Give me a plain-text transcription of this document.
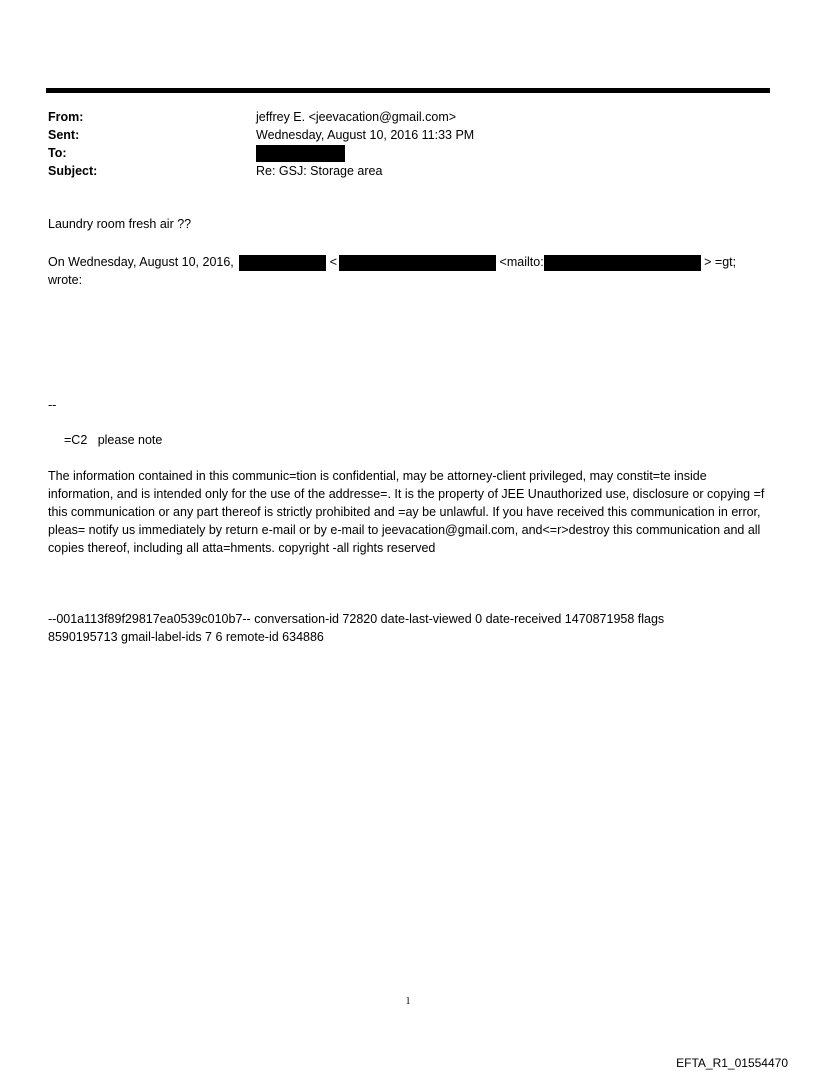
From:	jeffrey E. <jeevacation@gmail.com>
Sent:	Wednesday, August 10, 2016 11:33 PM
To:
Subject:	Re: GSJ: Storage area
Laundry room fresh air ??
On Wednesday, August 10, 2016,	<	<mailto:	> =gt;
wrote:
--
=C2   please note
The information contained in this communic=tion is confidential, may be attorney-client privileged, may constit=te inside information, and is intended only for the use of the addresse=. It is the property of JEE Unauthorized use, disclosure or copying =f this communication or any part thereof is strictly prohibited and =ay be unlawful. If you have received this communication in error, pleas= notify us immediately by return e-mail or by e-mail to jeevacation@gmail.com, and<=r>destroy this communication and all copies thereof, including all atta=hments. copyright -all rights reserved
--001a113f89f29817ea0539c010b7-- conversation-id 72820 date-last-viewed 0 date-received 1470871958 flags
8590195713 gmail-label-ids 7 6 remote-id 634886
1
EFTA_R1_01554470
